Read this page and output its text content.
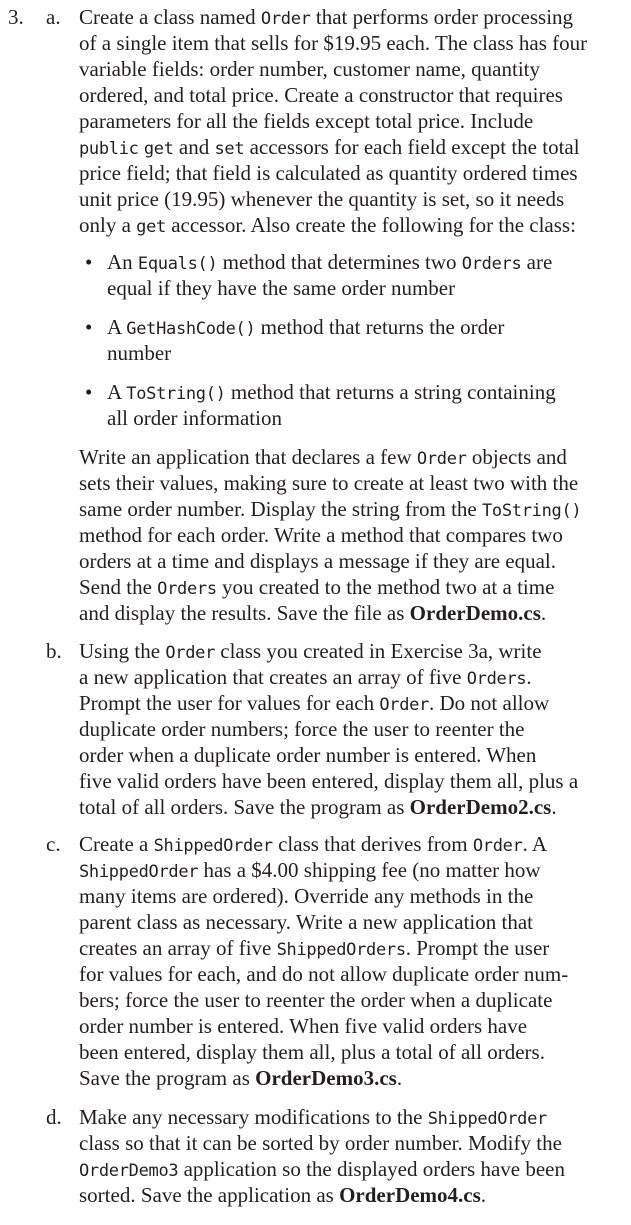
3. a. Create a class named Order that performs order processing
of a single item that sells for $19.95 each. The class has four
variable fields: order number, customer name, quantity
ordered, and total price. Create a constructor that requires
parameters for all the fields except total price. Include
public get and set accessors for each field except the total
price field; that field is calculated as quantity ordered times
unit price (19.95) whenever the quantity is set, so it needs
only a get accessor. Also create the following for the class:
• An Equals() method that determines two Orders are
equal if they have the same order number
• A GetHashCode() method that returns the order
number
• A ToString() method that returns a string containing
all order information
Write an application that declares a few Order objects and
sets their values, making sure to create at least two with the
same order number. Display the string from the ToString()
method for each order. Write a method that compares two
orders at a time and displays a message if they are equal.
Send the Orders you created to the method two at a time
and display the results. Save the file as OrderDemo.cs.
b. Using the Order class you created in Exercise 3a, write
a new application that creates an array of five Orders.
Prompt the user for values for each Order. Do not allow
duplicate order numbers; force the user to reenter the
order when a duplicate order number is entered. When
five valid orders have been entered, display them all, plus a
total of all orders. Save the program as OrderDemo2.cs.
c. Create a ShippedOrder class that derives from Order. A
ShippedOrder has a $4.00 shipping fee (no matter how
many items are ordered). Override any methods in the
parent class as necessary. Write a new application that
creates an array of five ShippedOrders. Prompt the user
for values for each, and do not allow duplicate order num-
bers; force the user to reenter the order when a duplicate
order number is entered. When five valid orders have
been entered, display them all, plus a total of all orders.
Save the program as OrderDemo3.cs.
d. Make any necessary modifications to the ShippedOrder
class so that it can be sorted by order number. Modify the
OrderDemo3 application so the displayed orders have been
sorted. Save the application as OrderDemo4.cs.
